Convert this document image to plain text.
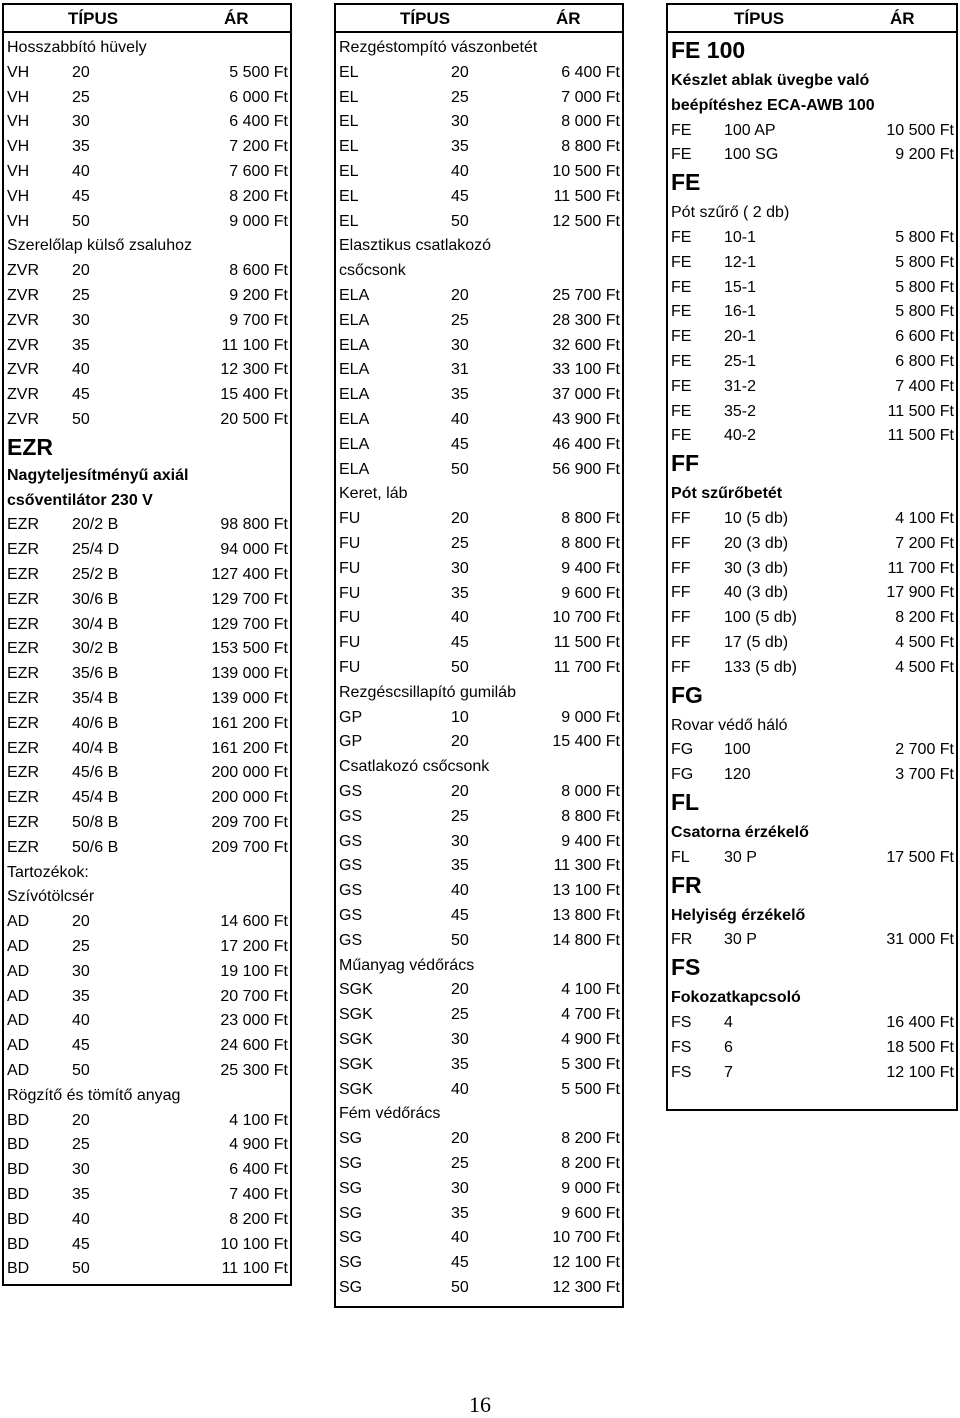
TÍPUS	ÁR
Hosszabbító hüvely
VH	20	5 500 Ft
VH	25	6 000 Ft
VH	30	6 400 Ft
VH	35	7 200 Ft
VH	40	7 600 Ft
VH	45	8 200 Ft
VH	50	9 000 Ft
Szerelőlap külső zsaluhoz
ZVR 20	8 600 Ft
ZVR 25	9 200 Ft
ZVR 30	9 700 Ft
ZVR 35	11 100 Ft
ZVR 40	12 300 Ft
ZVR 45	15 400 Ft
ZVR 50	20 500 Ft
EZR
Nagyteljesítményű axiál
csőventilátor 230 V
EZR 20/2 B	98 800 Ft
EZR 25/4 D	94 000 Ft
EZR 25/2 B	127 400 Ft
EZR 30/6 B	129 700 Ft
EZR 30/4 B	129 700 Ft
EZR 30/2 B	153 500 Ft
EZR 35/6 B	139 000 Ft
EZR 35/4 B	139 000 Ft
EZR 40/6 B	161 200 Ft
EZR 40/4 B	161 200 Ft
EZR 45/6 B	200 000 Ft
EZR 45/4 B	200 000 Ft
EZR 50/8 B	209 700 Ft
EZR 50/6 B	209 700 Ft
Tartozékok:
Szívótölcsér
AD	20	14 600 Ft
AD	25	17 200 Ft
AD	30	19 100 Ft
AD	35	20 700 Ft
AD	40	23 000 Ft
AD	45	24 600 Ft
AD	50	25 300 Ft
Rögzítő és tömítő anyag
BD	20	4 100 Ft
BD	25	4 900 Ft
BD	30	6 400 Ft
BD	35	7 400 Ft
BD	40	8 200 Ft
BD	45	10 100 Ft
BD	50	11 100 Ft
TÍPUS	ÁR
Rezgéstompító vászonbetét
EL	20	6 400 Ft
EL	25	7 000 Ft
EL	30	8 000 Ft
EL	35	8 800 Ft
EL	40	10 500 Ft
EL	45	11 500 Ft
EL	50	12 500 Ft
Elasztikus csatlakozó
csőcsonk
ELA	20	25 700 Ft
ELA	25	28 300 Ft
ELA	30	32 600 Ft
ELA	31	33 100 Ft
ELA	35	37 000 Ft
ELA	40	43 900 Ft
ELA	45	46 400 Ft
ELA	50	56 900 Ft
Keret, láb
FU	20	8 800 Ft
FU	25	8 800 Ft
FU	30	9 400 Ft
FU	35	9 600 Ft
FU	40	10 700 Ft
FU	45	11 500 Ft
FU	50	11 700 Ft
Rezgéscsillapító gumiláb
GP	10	9 000 Ft
GP	20	15 400 Ft
Csatlakozó csőcsonk
GS	20	8 000 Ft
GS	25	8 800 Ft
GS	30	9 400 Ft
GS	35	11 300 Ft
GS	40	13 100 Ft
GS	45	13 800 Ft
GS	50	14 800 Ft
Műanyag védőrács
SGK	20	4 100 Ft
SGK	25	4 700 Ft
SGK	30	4 900 Ft
SGK	35	5 300 Ft
SGK	40	5 500 Ft
Fém védőrács
SG	20	8 200 Ft
SG	25	8 200 Ft
SG	30	9 000 Ft
SG	35	9 600 Ft
SG	40	10 700 Ft
SG	45	12 100 Ft
SG	50	12 300 Ft
TÍPUS	ÁR
FE 100
Készlet ablak üvegbe való
beépítéshez ECA-AWB 100
FE 100 AP	10 500 Ft
FE 100 SG	9 200 Ft
FE
Pót szűrő ( 2 db)
FE 10-1	5 800 Ft
FE 12-1	5 800 Ft
FE 15-1	5 800 Ft
FE 16-1	5 800 Ft
FE 20-1	6 600 Ft
FE 25-1	6 800 Ft
FE 31-2	7 400 Ft
FE 35-2	11 500 Ft
FE 40-2	11 500 Ft
FF
Pót szűrőbetét
FF 10 (5 db)	4 100 Ft
FF 20 (3 db)	7 200 Ft
FF 30 (3 db)	11 700 Ft
FF 40 (3 db)	17 900 Ft
FF 100 (5 db)	8 200 Ft
FF 17 (5 db)	4 500 Ft
FF 133 (5 db)	4 500 Ft
FG
Rovar védő háló
FG 100	2 700 Ft
FG 120	3 700 Ft
FL
Csatorna érzékelő
FL 30 P	17 500 Ft
FR
Helyiség érzékelő
FR 30 P	31 000 Ft
FS
Fokozatkapcsoló
FS 4	16 400 Ft
FS 6	18 500 Ft
FS 7	12 100 Ft
16
